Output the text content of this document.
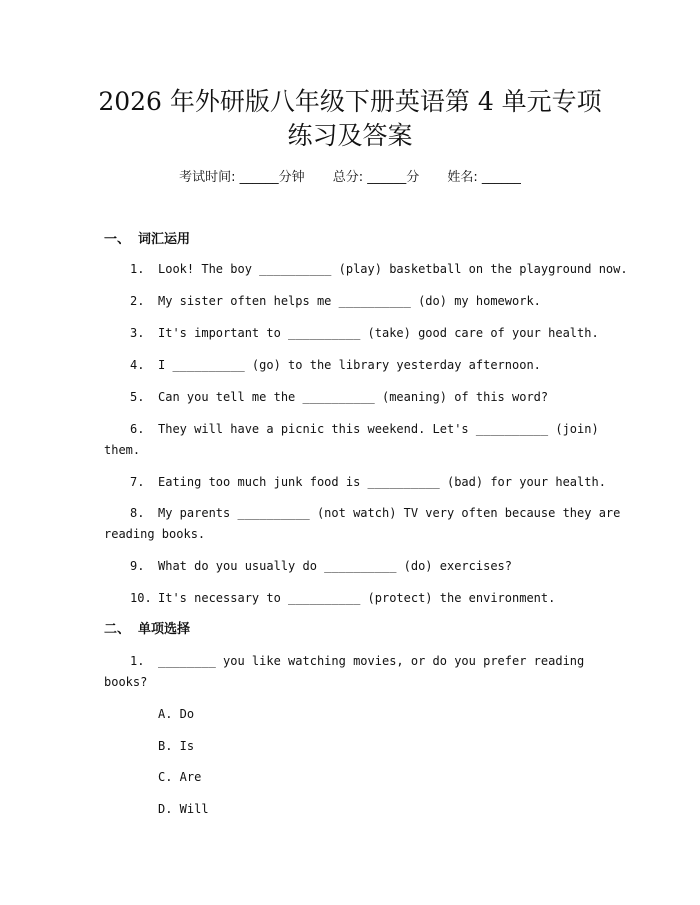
2026 年外研版八年级下册英语第 4 单元专项
练习及答案
考试时间: ______分钟 总分: ______分 姓名: ______
一、 词汇运用
1. Look! The boy __________ (play) basketball on the playground now.
2. My sister often helps me __________ (do) my homework.
3. It's important to __________ (take) good care of your health.
4. I __________ (go) to the library yesterday afternoon.
5. Can you tell me the __________ (meaning) of this word?
6. They will have a picnic this weekend. Let's __________ (join)
them.
7. Eating too much junk food is __________ (bad) for your health.
8. My parents __________ (not watch) TV very often because they are
reading books.
9. What do you usually do __________ (do) exercises?
10. It's necessary to __________ (protect) the environment.
二、 单项选择
1. ________ you like watching movies, or do you prefer reading
books?
A. Do
B. Is
C. Are
D. Will
